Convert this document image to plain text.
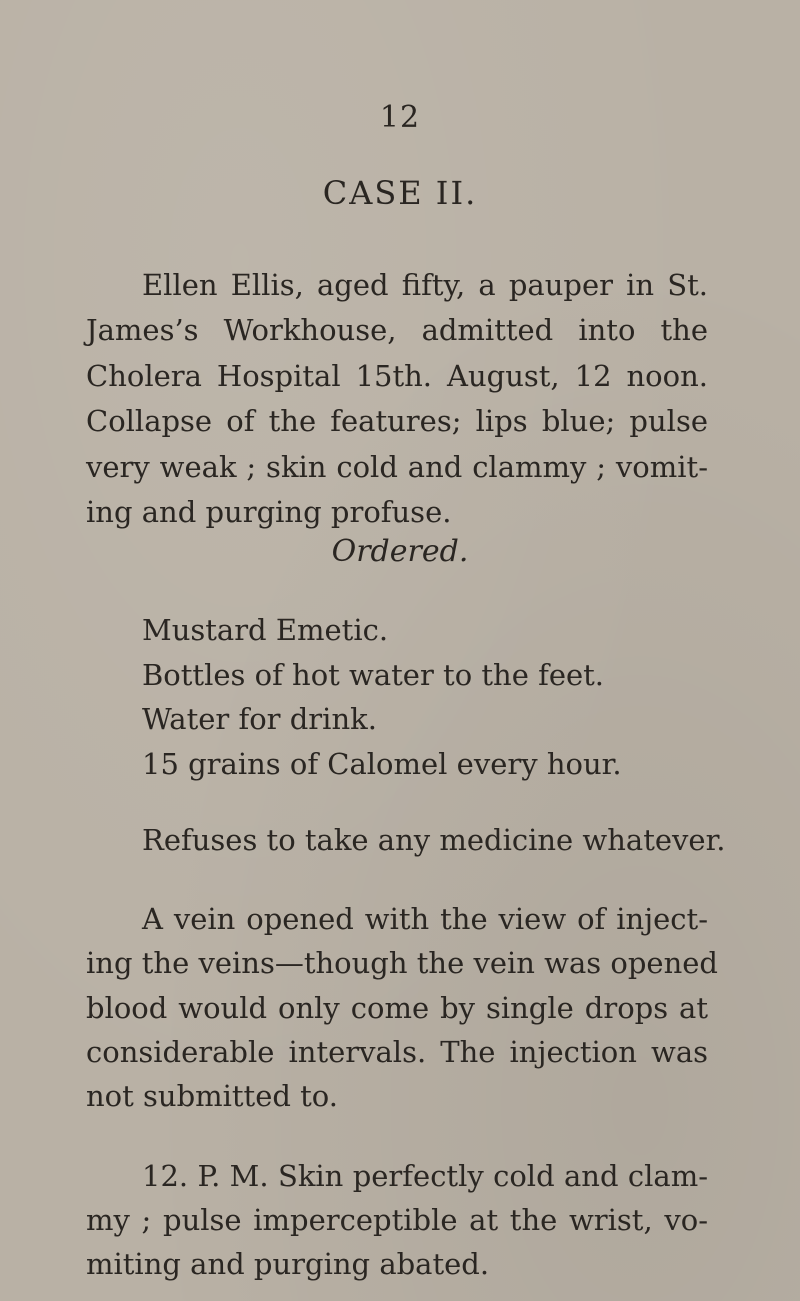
12
CASE II.
Ellen Ellis, aged fifty, a pauper in St.
James’s Workhouse, admitted into the
Cholera Hospital 15th. August, 12 noon.
Collapse of the features; lips blue; pulse
very weak ; skin cold and clammy ; vomit-
ing and purging profuse.
Ordered.
Mustard Emetic.
Bottles of hot water to the feet.
Water for drink.
15 grains of Calomel every hour.
Refuses to take any medicine whatever.
A vein opened with the view of inject-
ing the veins—though the vein was opened
blood would only come by single drops at
considerable intervals. The injection was
not submitted to.
12. P. M. Skin perfectly cold and clam-
my ; pulse imperceptible at the wrist, vo-
miting and purging abated.
